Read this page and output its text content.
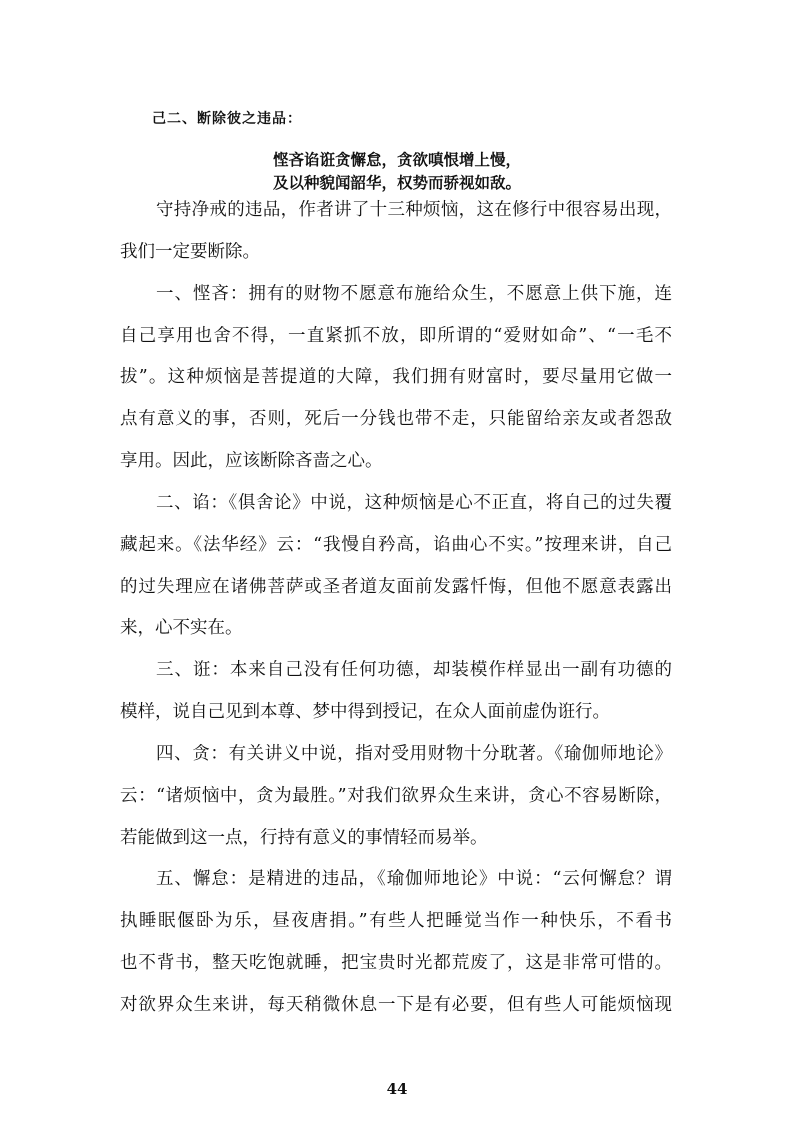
己二、断除彼之违品：
悭吝谄诳贪懈怠，贪欲嗔恨增上慢，
及以种貌闻韶华，权势而骄视如敌。
守持净戒的违品，作者讲了十三种烦恼，这在修行中很容易出现，
我们一定要断除。
一、悭吝：拥有的财物不愿意布施给众生，不愿意上供下施，连
自己享用也舍不得，一直紧抓不放，即所谓的“爱财如命”、“一毛不
拔”。这种烦恼是菩提道的大障，我们拥有财富时，要尽量用它做一
点有意义的事，否则，死后一分钱也带不走，只能留给亲友或者怨敌
享用。因此，应该断除吝啬之心。
二、谄：《俱舍论》中说，这种烦恼是心不正直，将自己的过失覆
藏起来。《法华经》云：“我慢自矜高，谄曲心不实。”按理来讲，自己
的过失理应在诸佛菩萨或圣者道友面前发露忏悔，但他不愿意表露出
来，心不实在。
三、诳：本来自己没有任何功德，却装模作样显出一副有功德的
模样，说自己见到本尊、梦中得到授记，在众人面前虚伪诳行。
四、贪：有关讲义中说，指对受用财物十分耽著。《瑜伽师地论》
云：“诸烦恼中，贪为最胜。”对我们欲界众生来讲，贪心不容易断除，
若能做到这一点，行持有意义的事情轻而易举。
五、懈怠：是精进的违品，《瑜伽师地论》中说：“云何懈怠？谓
执睡眠偃卧为乐，昼夜唐捐。”有些人把睡觉当作一种快乐，不看书
也不背书，整天吃饱就睡，把宝贵时光都荒废了，这是非常可惜的。
对欲界众生来讲，每天稍微休息一下是有必要，但有些人可能烦恼现
44
